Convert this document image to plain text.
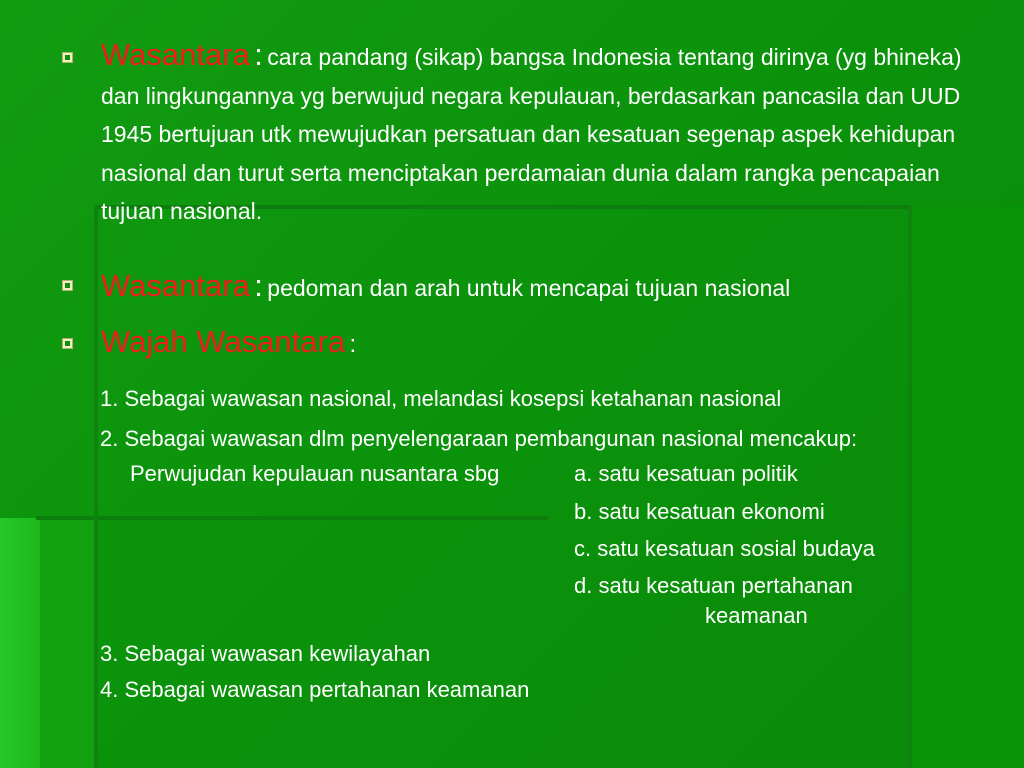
Wasantara : cara pandang (sikap) bangsa Indonesia tentang dirinya (yg bhineka) dan lingkungannya yg berwujud negara kepulauan, berdasarkan pancasila dan UUD 1945 bertujuan utk mewujudkan persatuan dan kesatuan segenap aspek kehidupan nasional dan turut serta menciptakan perdamaian dunia dalam rangka pencapaian tujuan nasional.
Wasantara : pedoman dan arah untuk mencapai tujuan nasional
Wajah Wasantara :
1. Sebagai wawasan nasional, melandasi kosepsi ketahanan nasional
2. Sebagai wawasan dlm penyelengaraan pembangunan nasional mencakup:
Perwujudan kepulauan nusantara sbg	a. satu kesatuan politik
b. satu kesatuan ekonomi
c. satu kesatuan sosial budaya
d. satu kesatuan pertahanan
keamanan
3. Sebagai wawasan kewilayahan
4. Sebagai wawasan pertahanan keamanan
